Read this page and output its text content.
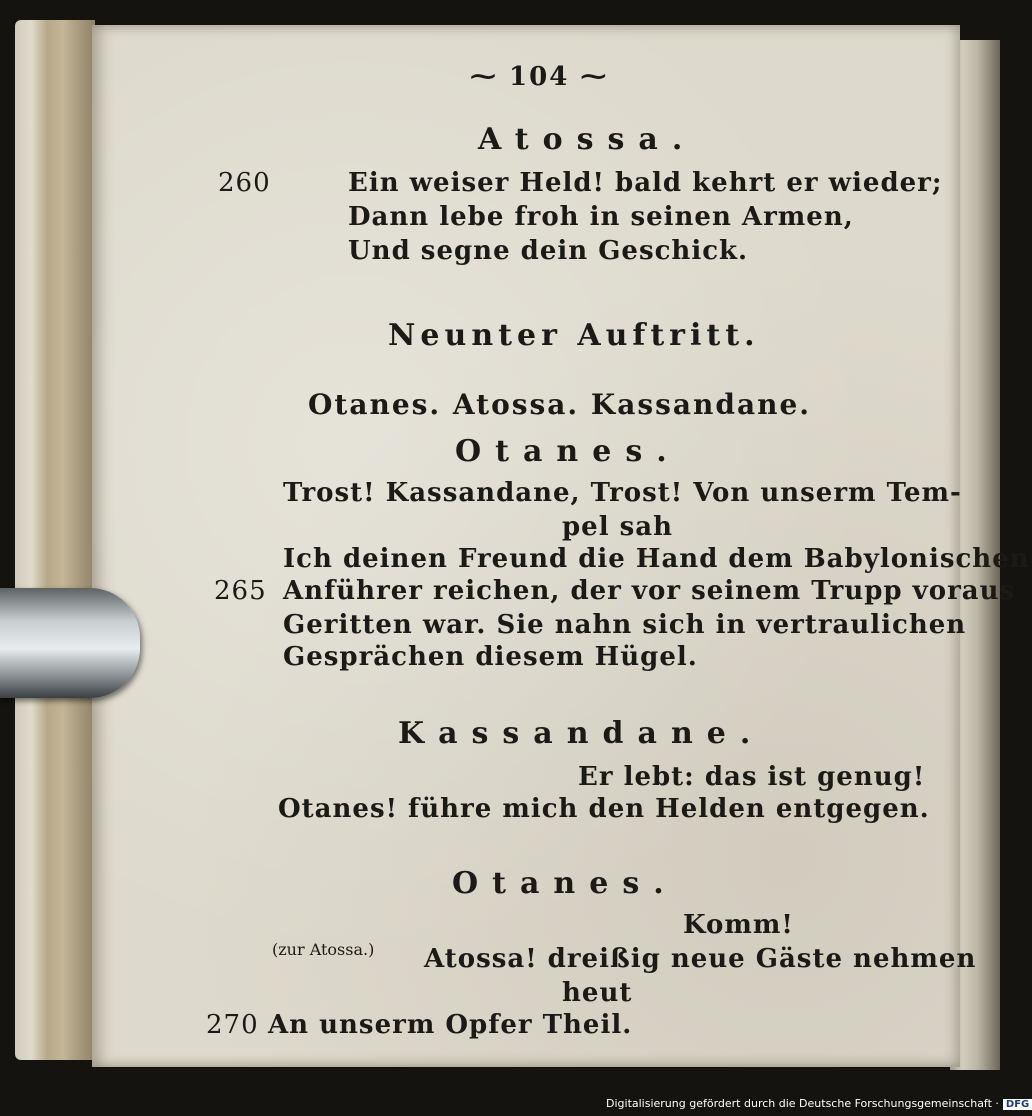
⁓ 104 ⁓
Atossa.
260	Ein weiser Held! bald kehrt er wieder;
Dann lebe froh in seinen Armen,
Und segne dein Geschick.
Neunter Auftritt.
Otanes. Atossa. Kassandane.
Otanes.
Trost! Kassandane, Trost! Von unserm Tem-
pel sah
Ich deinen Freund die Hand dem Babylonischen
265 Anführer reichen, der vor seinem Trupp voraus
Geritten war. Sie nahn sich in vertraulichen
Gesprächen diesem Hügel.
Kassandane.
Er lebt: das ist genug!
Otanes! führe mich den Helden entgegen.
Otanes.
Komm!
(zur Atossa.) Atossa! dreißig neue Gäste nehmen
heut
270 An unserm Opfer Theil.
Digitalisierung gefördert durch die Deutsche Forschungsgemeinschaft · DFG
